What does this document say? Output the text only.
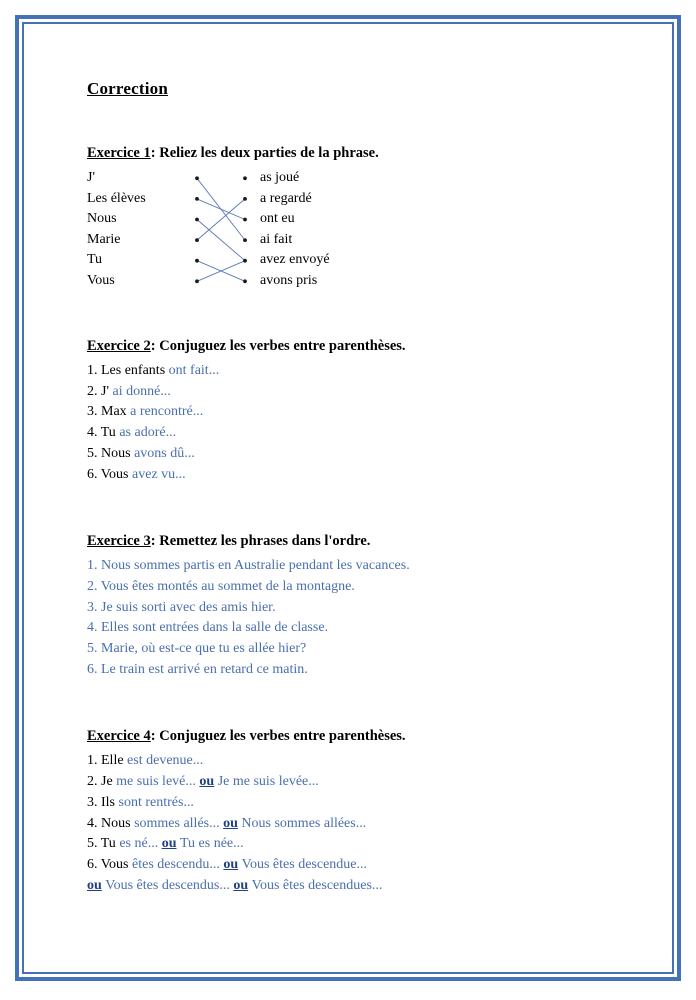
Correction
Exercice 1: Reliez les deux parties de la phrase.
J'
Les élèves
Nous
Marie
Tu
Vous
as joué
a regardé
ont eu
ai fait
avez envoyé
avons pris
Exercice 2: Conjuguez les verbes entre parenthèses.
1. Les enfants ont fait...
2. J' ai donné...
3. Max a rencontré...
4. Tu as adoré...
5. Nous avons dû...
6. Vous avez vu...
Exercice 3: Remettez les phrases dans l'ordre.
1. Nous sommes partis en Australie pendant les vacances.
2. Vous êtes montés au sommet de la montagne.
3. Je suis sorti avec des amis hier.
4. Elles sont entrées dans la salle de classe.
5. Marie, où est-ce que tu es allée hier?
6. Le train est arrivé en retard ce matin.
Exercice 4: Conjuguez les verbes entre parenthèses.
1. Elle est devenue...
2. Je me suis levé... ou Je me suis levée...
3. Ils sont rentrés...
4. Nous sommes allés... ou Nous sommes allées...
5. Tu es né... ou Tu es née...
6. Vous êtes descendu... ou Vous êtes descendue...
ou Vous êtes descendus... ou Vous êtes descendues...
